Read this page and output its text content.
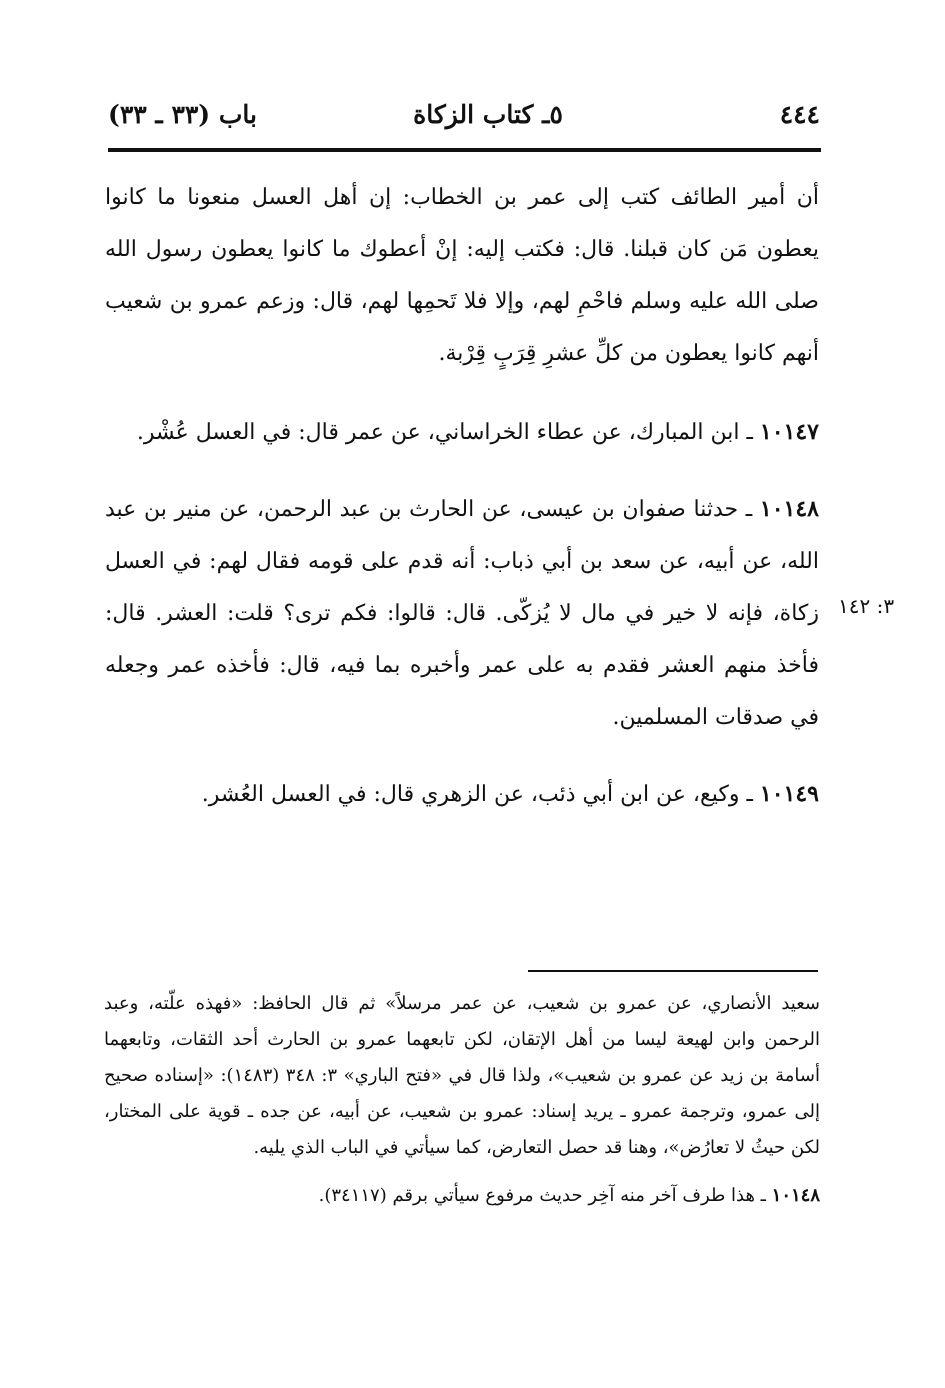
٤٤٤
٥ـ كتاب الزكاة
باب (٣٣ ـ ٣٣)

أن أمير الطائف كتب إلى عمر بن الخطاب: إن أهل العسل منعونا ما كانوا يعطون مَن كان قبلنا. قال: فكتب إليه: إنْ أعطوك ما كانوا يعطون رسول الله صلى الله عليه وسلم فاحْمِ لهم، وإلا فلا تَحمِها لهم، قال: وزعم عمرو بن شعيب أنهم كانوا يعطون من كلِّ عشرِ قِرَبٍ قِرْبة.

١٠١٤٧ ـ ابن المبارك، عن عطاء الخراساني، عن عمر قال: في العسل عُشْر.

١٠١٤٨ ـ حدثنا صفوان بن عيسى، عن الحارث بن عبد الرحمن، عن منير بن عبد الله، عن أبيه، عن سعد بن أبي ذباب: أنه قدم على قومه فقال لهم: في العسل زكاة، فإنه لا خير في مال لا يُزكّى. قال: قالوا: فكم ترى؟ قلت: العشر. قال: فأخذ منهم العشر فقدم به على عمر وأخبره بما فيه، قال: فأخذه عمر وجعله في صدقات المسلمين.

١٠١٤٩ ـ وكيع، عن ابن أبي ذئب، عن الزهري قال: في العسل العُشر.

٣: ١٤٢

سعيد الأنصاري، عن عمرو بن شعيب، عن عمر مرسلاً» ثم قال الحافظ: «فهذه علّته، وعبد الرحمن وابن لهيعة ليسا من أهل الإتقان، لكن تابعهما عمرو بن الحارث أحد الثقات، وتابعهما أسامة بن زيد عن عمرو بن شعيب»، ولذا قال في «فتح الباري» ٣: ٣٤٨ (١٤٨٣): «إسناده صحيح إلى عمرو، وترجمة عمرو ـ يريد إسناد: عمرو بن شعيب، عن أبيه، عن جده ـ قوية على المختار، لكن حيثُ لا تعارُض»، وهنا قد حصل التعارض، كما سيأتي في الباب الذي يليه.

١٠١٤٨ ـ هذا طرف آخر منه آخِر حديث مرفوع سيأتي برقم (٣٤١١٧).
